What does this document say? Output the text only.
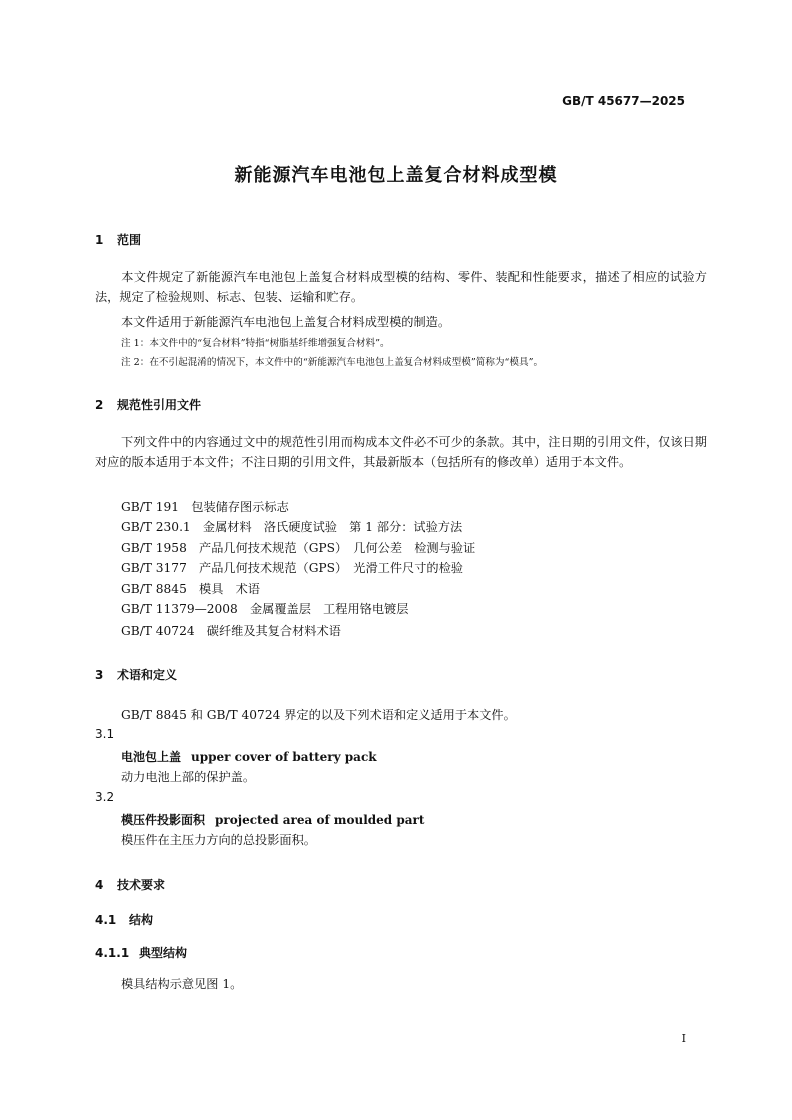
GB/T 45677—2025
新能源汽车电池包上盖复合材料成型模
1 范围
本文件规定了新能源汽车电池包上盖复合材料成型模的结构、零件、装配和性能要求，描述了相应的试验方法，规定了检验规则、标志、包装、运输和贮存。
本文件适用于新能源汽车电池包上盖复合材料成型模的制造。
注 1：本文件中的“复合材料”特指“树脂基纤维增强复合材料”。
注 2：在不引起混淆的情况下，本文件中的“新能源汽车电池包上盖复合材料成型模”简称为“模具”。
2 规范性引用文件
下列文件中的内容通过文中的规范性引用而构成本文件必不可少的条款。其中，注日期的引用文件，仅该日期对应的版本适用于本文件；不注日期的引用文件，其最新版本（包括所有的修改单）适用于本文件。
GB/T 191　包装储存图示标志
GB/T 230.1　金属材料　洛氏硬度试验　第 1 部分：试验方法
GB/T 1958　产品几何技术规范（GPS）　几何公差　检测与验证
GB/T 3177　产品几何技术规范（GPS）　光滑工件尺寸的检验
GB/T 8845　模具　术语
GB/T 11379—2008　金属覆盖层　工程用铬电镀层
GB/T 40724　碳纤维及其复合材料术语
3 术语和定义
GB/T 8845 和 GB/T 40724 界定的以及下列术语和定义适用于本文件。
3.1
电池包上盖 upper cover of battery pack
动力电池上部的保护盖。
3.2
模压件投影面积 projected area of moulded part
模压件在主压力方向的总投影面积。
4 技术要求
4.1 结构
4.1.1 典型结构
模具结构示意见图 1。
I
